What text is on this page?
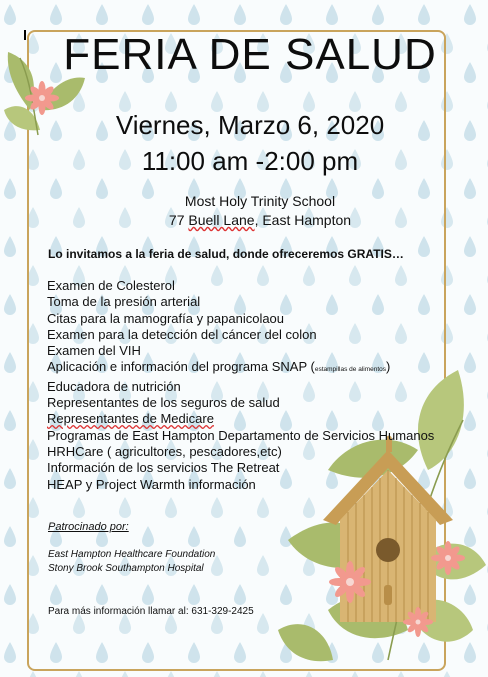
FERIA DE SALUD
Viernes, Marzo 6, 2020
11:00 am -2:00 pm
Most Holy Trinity School
77 Buell Lane, East Hampton
Lo invitamos a la feria de salud, donde ofreceremos GRATIS…
Examen de Colesterol
Toma de la presión arterial
Citas para la mamografía y papanicolaou
Examen para la detección del cáncer del colon
Examen del VIH
Aplicación e información del programa SNAP (estampillas de alimentos)
Educadora de nutrición
Representantes de los seguros de salud
Representantes de Medicare
Programas de East Hampton Departamento de Servicios Humanos
HRHCare ( agricultores, pescadores,etc)
Información de los servicios The Retreat
HEAP y Project Warmth información
Patrocinado por:
East Hampton Healthcare Foundation
Stony Brook Southampton Hospital
Para más información llamar al: 631-329-2425
